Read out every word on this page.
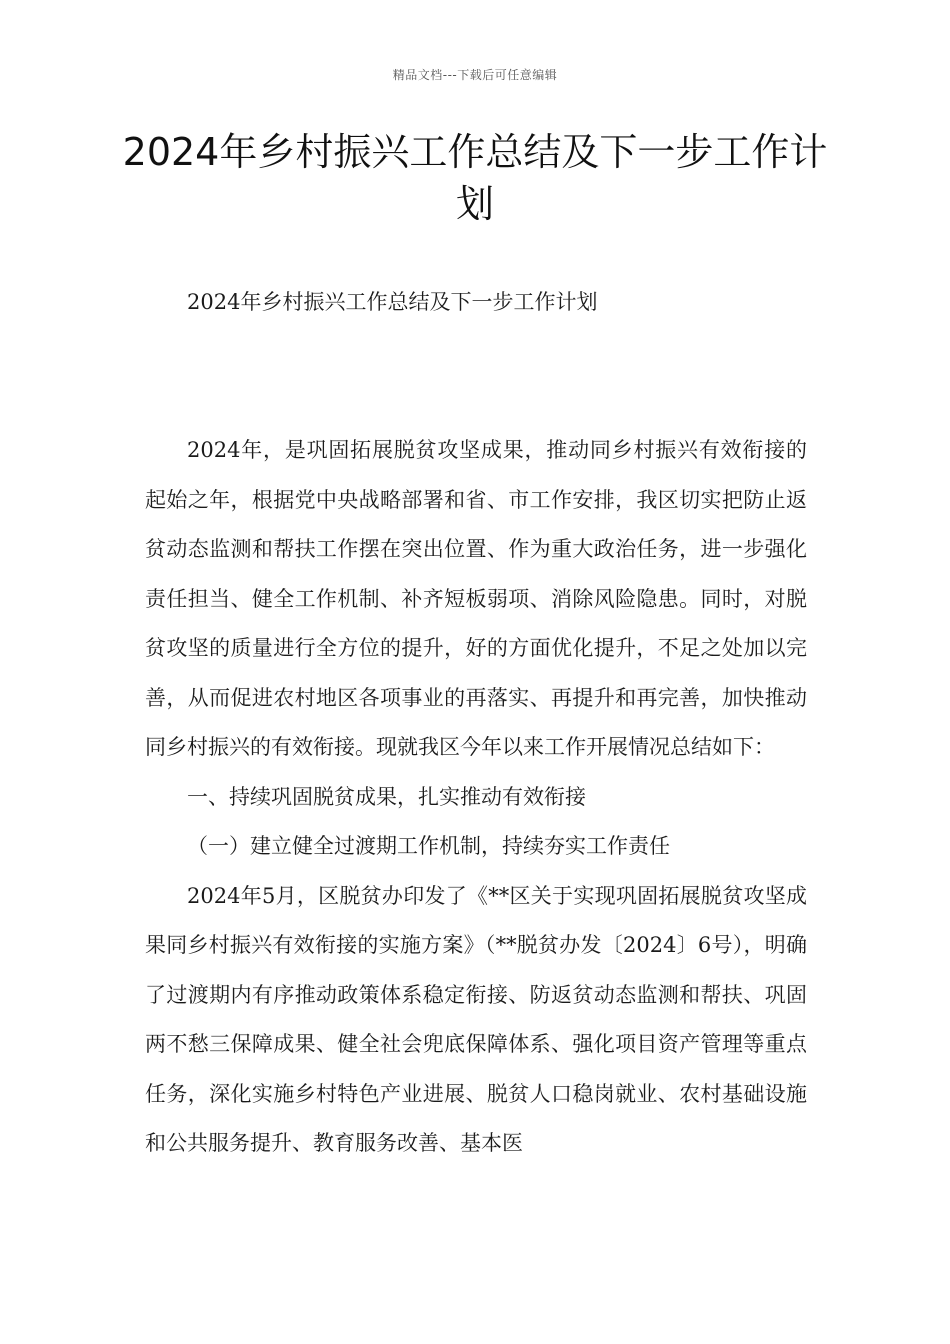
精品文档---下载后可任意编辑
2024年乡村振兴工作总结及下一步工作计划
2024年乡村振兴工作总结及下一步工作计划

2024年，是巩固拓展脱贫攻坚成果，推动同乡村振兴有效衔接的起始之年，根据党中央战略部署和省、市工作安排，我区切实把防止返贫动态监测和帮扶工作摆在突出位置、作为重大政治任务，进一步强化责任担当、健全工作机制、补齐短板弱项、消除风险隐患。同时，对脱贫攻坚的质量进行全方位的提升，好的方面优化提升，不足之处加以完善，从而促进农村地区各项事业的再落实、再提升和再完善，加快推动同乡村振兴的有效衔接。现就我区今年以来工作开展情况总结如下：

一、持续巩固脱贫成果，扎实推动有效衔接

（一）建立健全过渡期工作机制，持续夯实工作责任

2024年5月，区脱贫办印发了《**区关于实现巩固拓展脱贫攻坚成果同乡村振兴有效衔接的实施方案》（**脱贫办发〔2024〕6号），明确了过渡期内有序推动政策体系稳定衔接、防返贫动态监测和帮扶、巩固两不愁三保障成果、健全社会兜底保障体系、强化项目资产管理等重点任务，深化实施乡村特色产业进展、脱贫人口稳岗就业、农村基础设施和公共服务提升、教育服务改善、基本医
